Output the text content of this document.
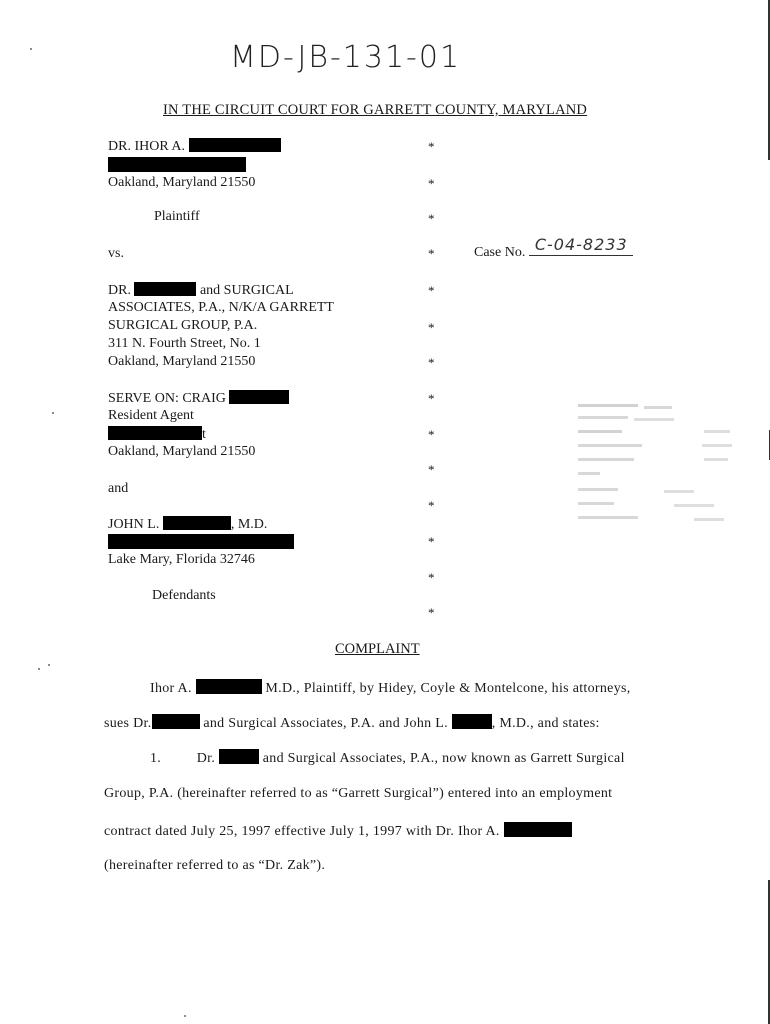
MD-JB-131-01
IN THE CIRCUIT COURT FOR GARRETT COUNTY, MARYLAND
DR. IHOR A.
Oakland, Maryland 21550
Plaintiff
vs.	Case No. C-04-8233
DR.	and SURGICAL
ASSOCIATES, P.A., N/K/A GARRETT
SURGICAL GROUP, P.A.
311 N. Fourth Street, No. 1
Oakland, Maryland 21550
SERVE ON: CRAIG
Resident Agent
t
Oakland, Maryland 21550
and
JOHN L.	, M.D.
Lake Mary, Florida 32746
Defendants
*
*
*
*
*
*
*
*
*
*
*
*
*
*
COMPLAINT
Ihor A.	M.D., Plaintiff, by Hidey, Coyle & Montelcone, his attorneys,
sues Dr.	and Surgical Associates, P.A. and John L.	, M.D., and states:
1.	Dr.	and Surgical Associates, P.A., now known as Garrett Surgical
Group, P.A. (hereinafter referred to as “Garrett Surgical”) entered into an employment
contract dated July 25, 1997 effective July 1, 1997 with Dr. Ihor A.
(hereinafter referred to as “Dr. Zak”).
